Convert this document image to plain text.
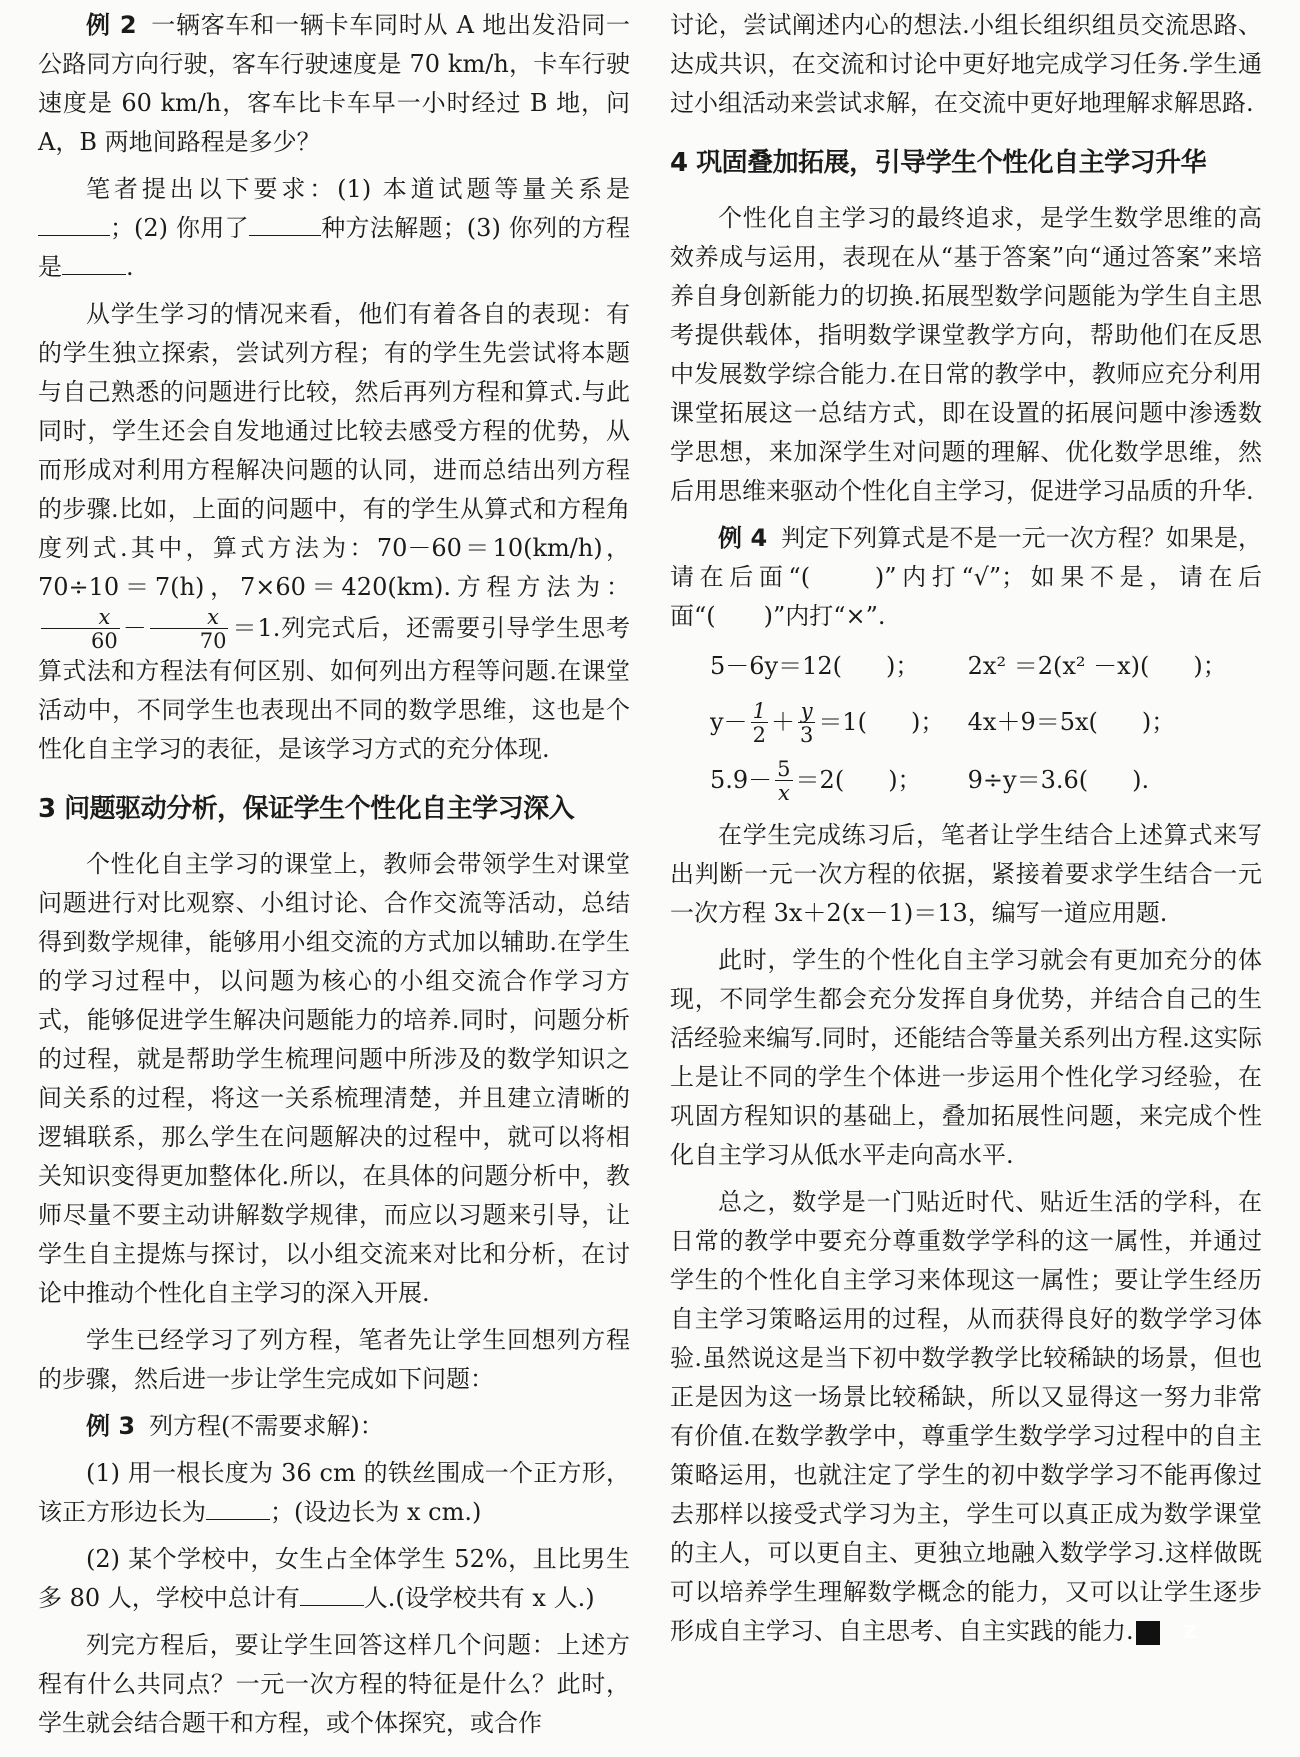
例 2 一辆客车和一辆卡车同时从 A 地出发沿同一公路同方向行驶，客车行驶速度是 70 km/h，卡车行驶速度是 60 km/h，客车比卡车早一小时经过 B 地，问 A，B 两地间路程是多少？

笔者提出以下要求：(1) 本道试题等量关系是；(2) 你用了	种方法解题；(3) 你列的方程是	.

从学生学习的情况来看，他们有着各自的表现：有的学生独立探索，尝试列方程；有的学生先尝试将本题与自己熟悉的问题进行比较，然后再列方程和算式.与此同时，学生还会自发地通过比较去感受方程的优势，从而形成对利用方程解决问题的认同，进而总结出列方程的步骤.比如，上面的问题中，有的学生从算式和方程角度列式.其中，算式方法为：70－60＝10(km/h)，70÷10＝7(h)，7×60＝420(km).方程方法为：
$\frac{x}{60} - \frac{x}{70} =1$.列完式后，还需要引导学生思考算式法和方程法有何区别、如何列出方程等问题.在课堂活动中，不同学生也表现出不同的数学思维，这也是个性化自主学习的表征，是该学习方式的充分体现.

3 问题驱动分析，保证学生个性化自主学习深入

个性化自主学习的课堂上，教师会带领学生对课堂问题进行对比观察、小组讨论、合作交流等活动，总结得到数学规律，能够用小组交流的方式加以辅助.在学生的学习过程中，以问题为核心的小组交流合作学习方式，能够促进学生解决问题能力的培养.同时，问题分析的过程，就是帮助学生梳理问题中所涉及的数学知识之间关系的过程，将这一关系梳理清楚，并且建立清晰的逻辑联系，那么学生在问题解决的过程中，就可以将相关知识变得更加整体化.所以，在具体的问题分析中，教师尽量不要主动讲解数学规律，而应以习题来引导，让学生自主提炼与探讨，以小组交流来对比和分析，在讨论中推动个性化自主学习的深入开展.

学生已经学习了列方程，笔者先让学生回想列方程的步骤，然后进一步让学生完成如下问题：

例 3 列方程(不需要求解)：

(1) 用一根长度为 36 cm 的铁丝围成一个正方形，该正方形边长为	；(设边长为 x cm.)

(2) 某个学校中，女生占全体学生 52%，且比男生多 80 人，学校中总计有	人.(设学校共有 x 人.)

列完方程后，要让学生回答这样几个问题：上述方程有什么共同点？一元一次方程的特征是什么？此时，学生就会结合题干和方程，或个体探究，或合作

讨论，尝试阐述内心的想法.小组长组织组员交流思路、达成共识，在交流和讨论中更好地完成学习任务.学生通过小组活动来尝试求解，在交流中更好地理解求解思路.

4 巩固叠加拓展，引导学生个性化自主学习升华

个性化自主学习的最终追求，是学生数学思维的高效养成与运用，表现在从“基于答案”向“通过答案”来培养自身创新能力的切换.拓展型数学问题能为学生自主思考提供载体，指明数学课堂教学方向，帮助他们在反思中发展数学综合能力.在日常的教学中，教师应充分利用课堂拓展这一总结方式，即在设置的拓展问题中渗透数学思想，来加深学生对问题的理解、优化数学思维，然后用思维来驱动个性化自主学习，促进学习品质的升华.

例 4 判定下列算式是不是一元一次方程？如果是，请在后面“(　　)”内打“√”；如果不是，请在后面“(　　)”内打“×”.

5－6y＝12( )； 2x² ＝2(x² －x)( )；
$y- \frac{1}{2} + \frac{y}{3} =1$( )； 4x＋9＝5x( )；
$5.9- \frac{5}{x} =2$( )； 9÷y＝3.6( ).

在学生完成练习后，笔者让学生结合上述算式来写出判断一元一次方程的依据，紧接着要求学生结合一元一次方程 3x＋2(x－1)＝13，编写一道应用题.

此时，学生的个性化自主学习就会有更加充分的体现，不同学生都会充分发挥自身优势，并结合自己的生活经验来编写.同时，还能结合等量关系列出方程.这实际上是让不同的学生个体进一步运用个性化学习经验，在巩固方程知识的基础上，叠加拓展性问题，来完成个性化自主学习从低水平走向高水平.

总之，数学是一门贴近时代、贴近生活的学科，在日常的教学中要充分尊重数学学科的这一属性，并通过学生的个性化自主学习来体现这一属性；要让学生经历自主学习策略运用的过程，从而获得良好的数学学习体验.虽然说这是当下初中数学教学比较稀缺的场景，但也正是因为这一场景比较稀缺，所以又显得这一努力非常有价值.在数学教学中，尊重学生数学学习过程中的自主策略运用，也就注定了学生的初中数学学习不能再像过去那样以接受式学习为主，学生可以真正成为数学课堂的主人，可以更自主、更独立地融入数学学习.这样做既可以培养学生理解数学概念的能力，又可以让学生逐步形成自主学习、自主思考、自主实践的能力.	Z
